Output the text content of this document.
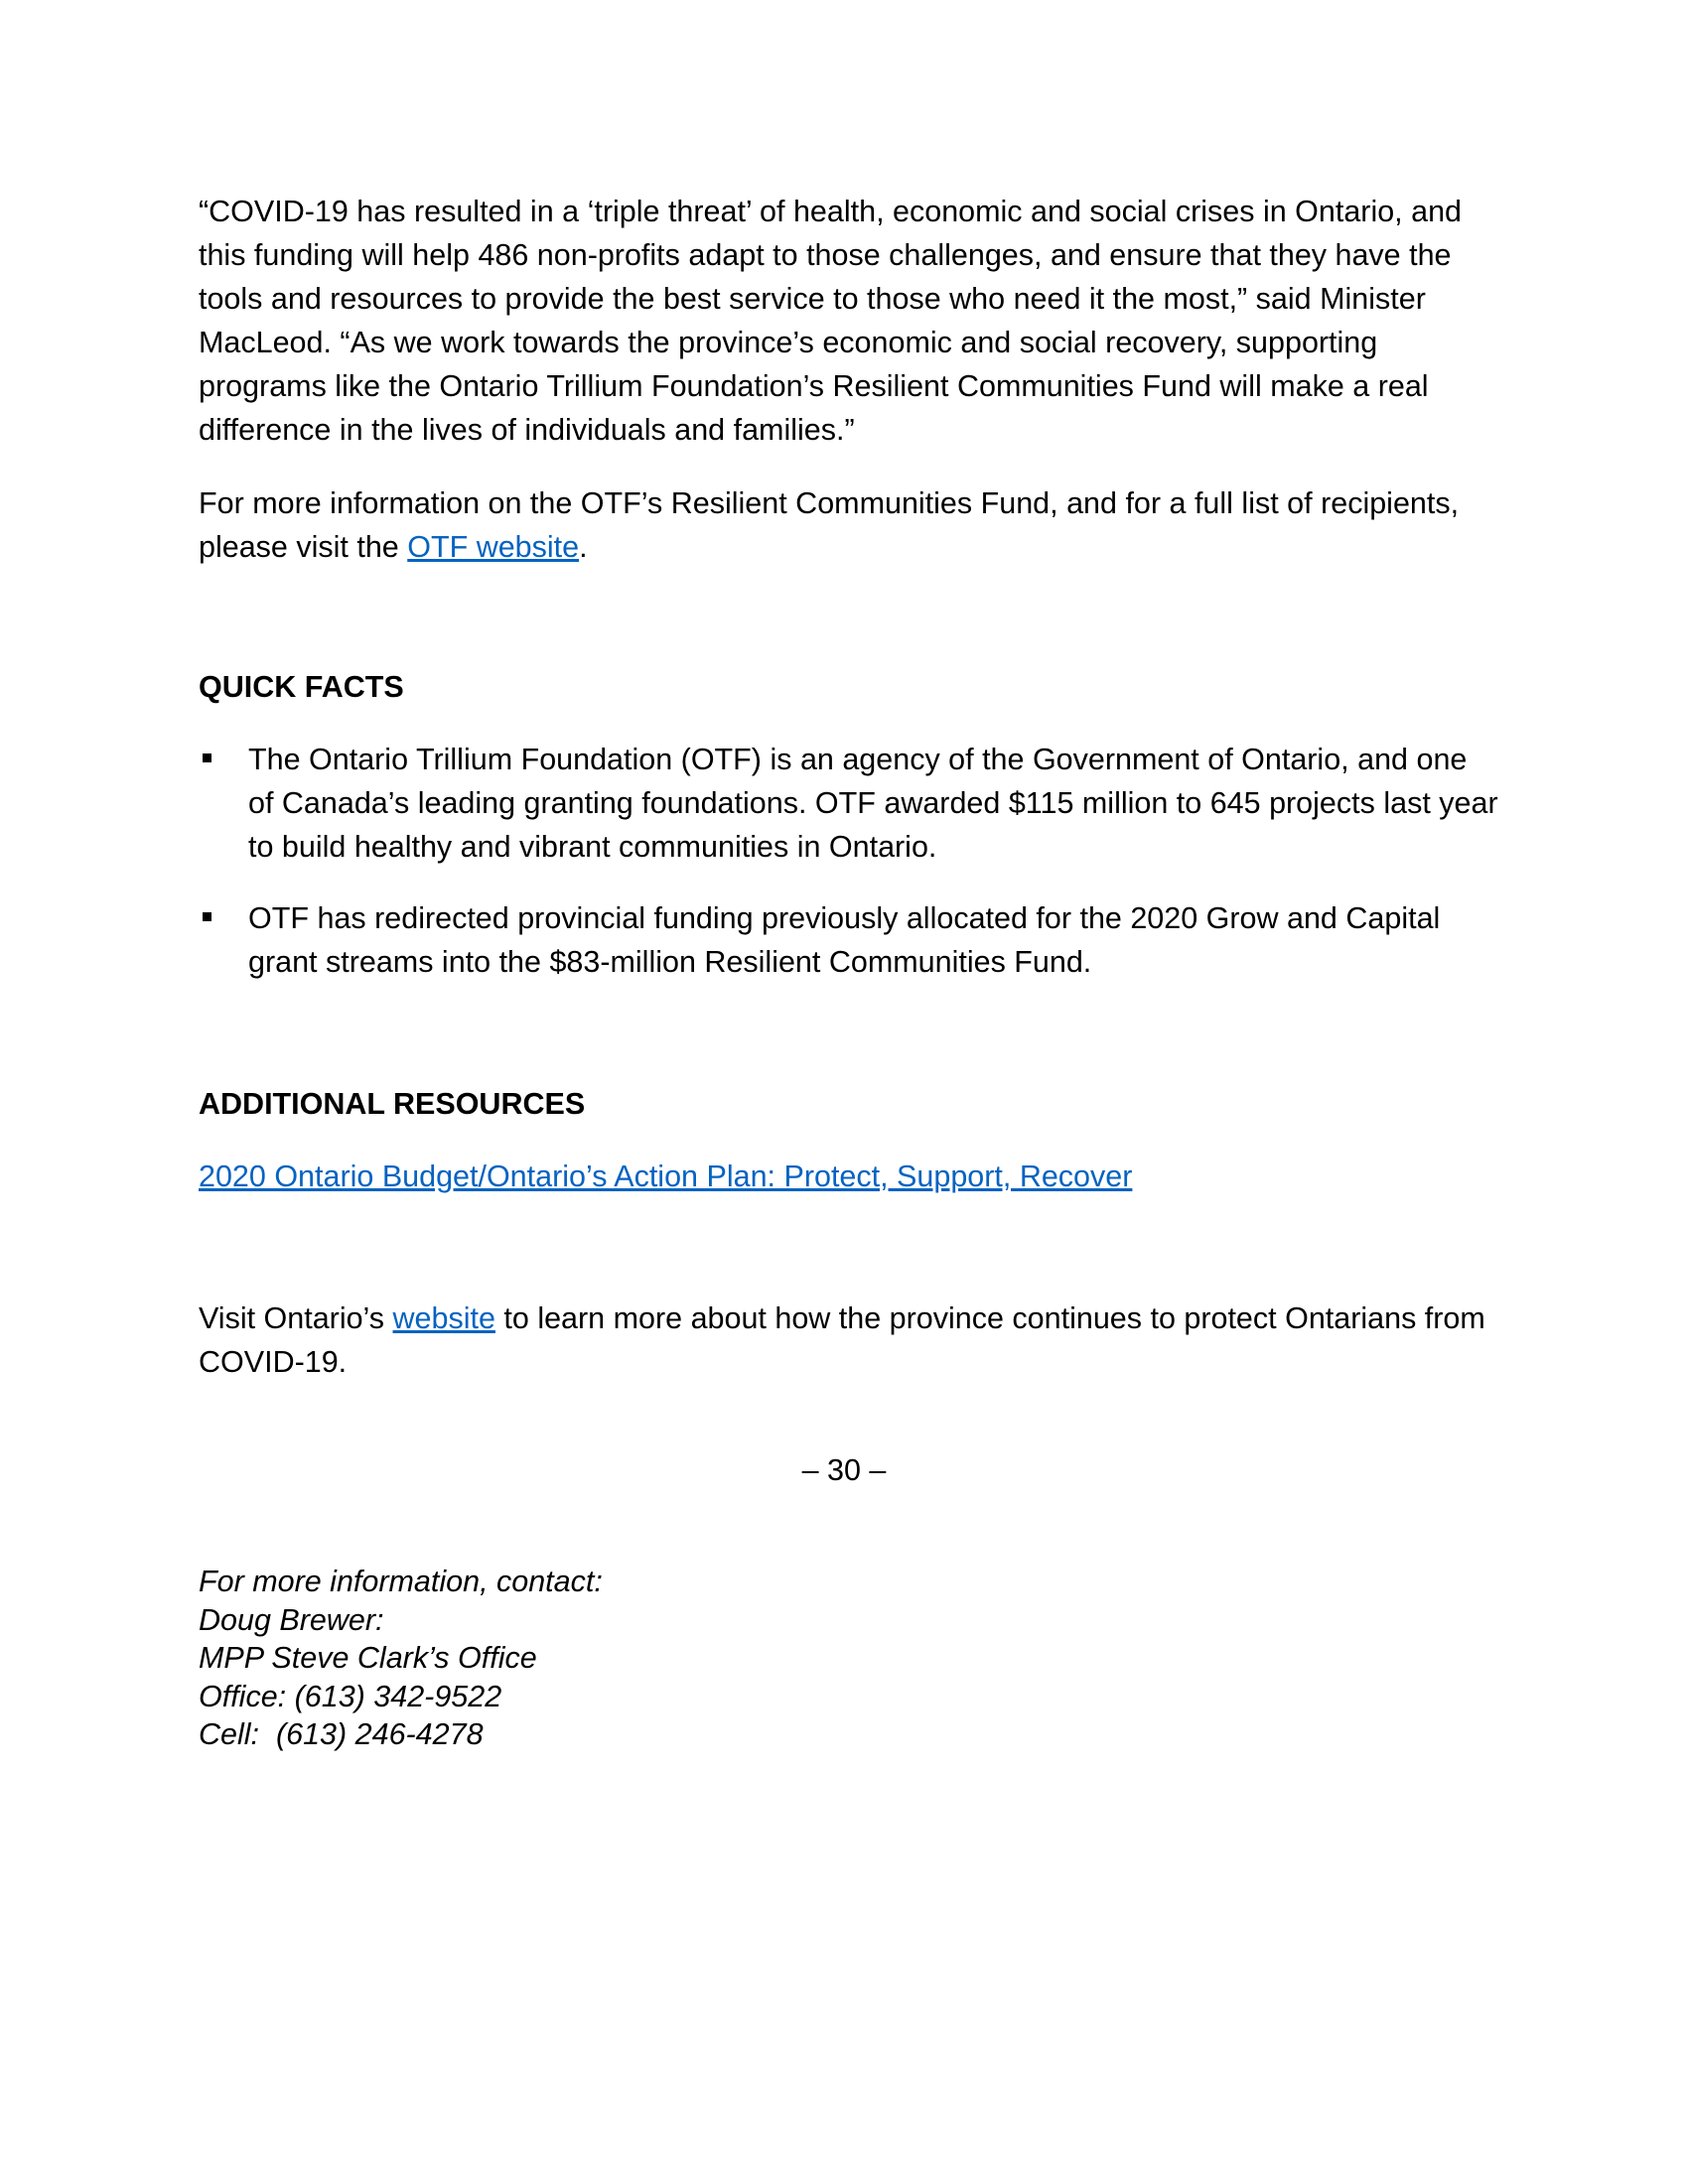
“COVID-19 has resulted in a ‘triple threat’ of health, economic and social crises in Ontario, and this funding will help 486 non-profits adapt to those challenges, and ensure that they have the tools and resources to provide the best service to those who need it the most,” said Minister MacLeod. “As we work towards the province’s economic and social recovery, supporting programs like the Ontario Trillium Foundation’s Resilient Communities Fund will make a real difference in the lives of individuals and families.”

For more information on the OTF’s Resilient Communities Fund, and for a full list of recipients, please visit the OTF website.

QUICK FACTS
The Ontario Trillium Foundation (OTF) is an agency of the Government of Ontario, and one of Canada’s leading granting foundations. OTF awarded $115 million to 645 projects last year to build healthy and vibrant communities in Ontario.
OTF has redirected provincial funding previously allocated for the 2020 Grow and Capital grant streams into the $83-million Resilient Communities Fund.
ADDITIONAL RESOURCES
2020 Ontario Budget/Ontario’s Action Plan: Protect, Support, Recover

Visit Ontario’s website to learn more about how the province continues to protect Ontarians from COVID-19.

– 30 –
For more information, contact:
Doug Brewer:
MPP Steve Clark’s Office
Office: (613) 342-9522
Cell:  (613) 246-4278
